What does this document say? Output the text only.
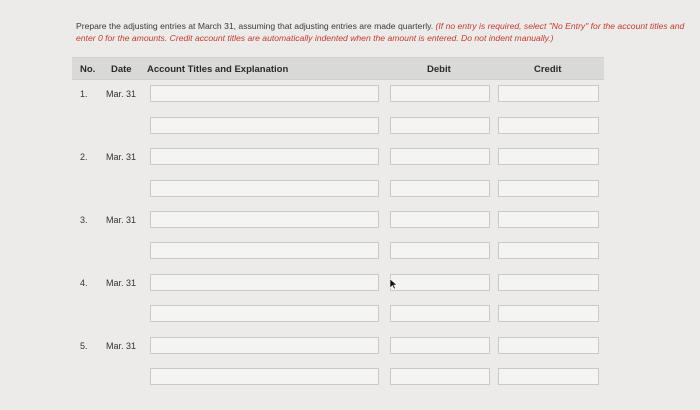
Prepare the adjusting entries at March 31, assuming that adjusting entries are made quarterly. (If no entry is required, select "No Entry" for the account titles and enter 0 for the amounts. Credit account titles are automatically indented when the amount is entered. Do not indent manually.)
No. Date Account Titles and Explanation	Debit	Credit
1. Mar. 31
2. Mar. 31
3. Mar. 31
4. Mar. 31
5. Mar. 31
